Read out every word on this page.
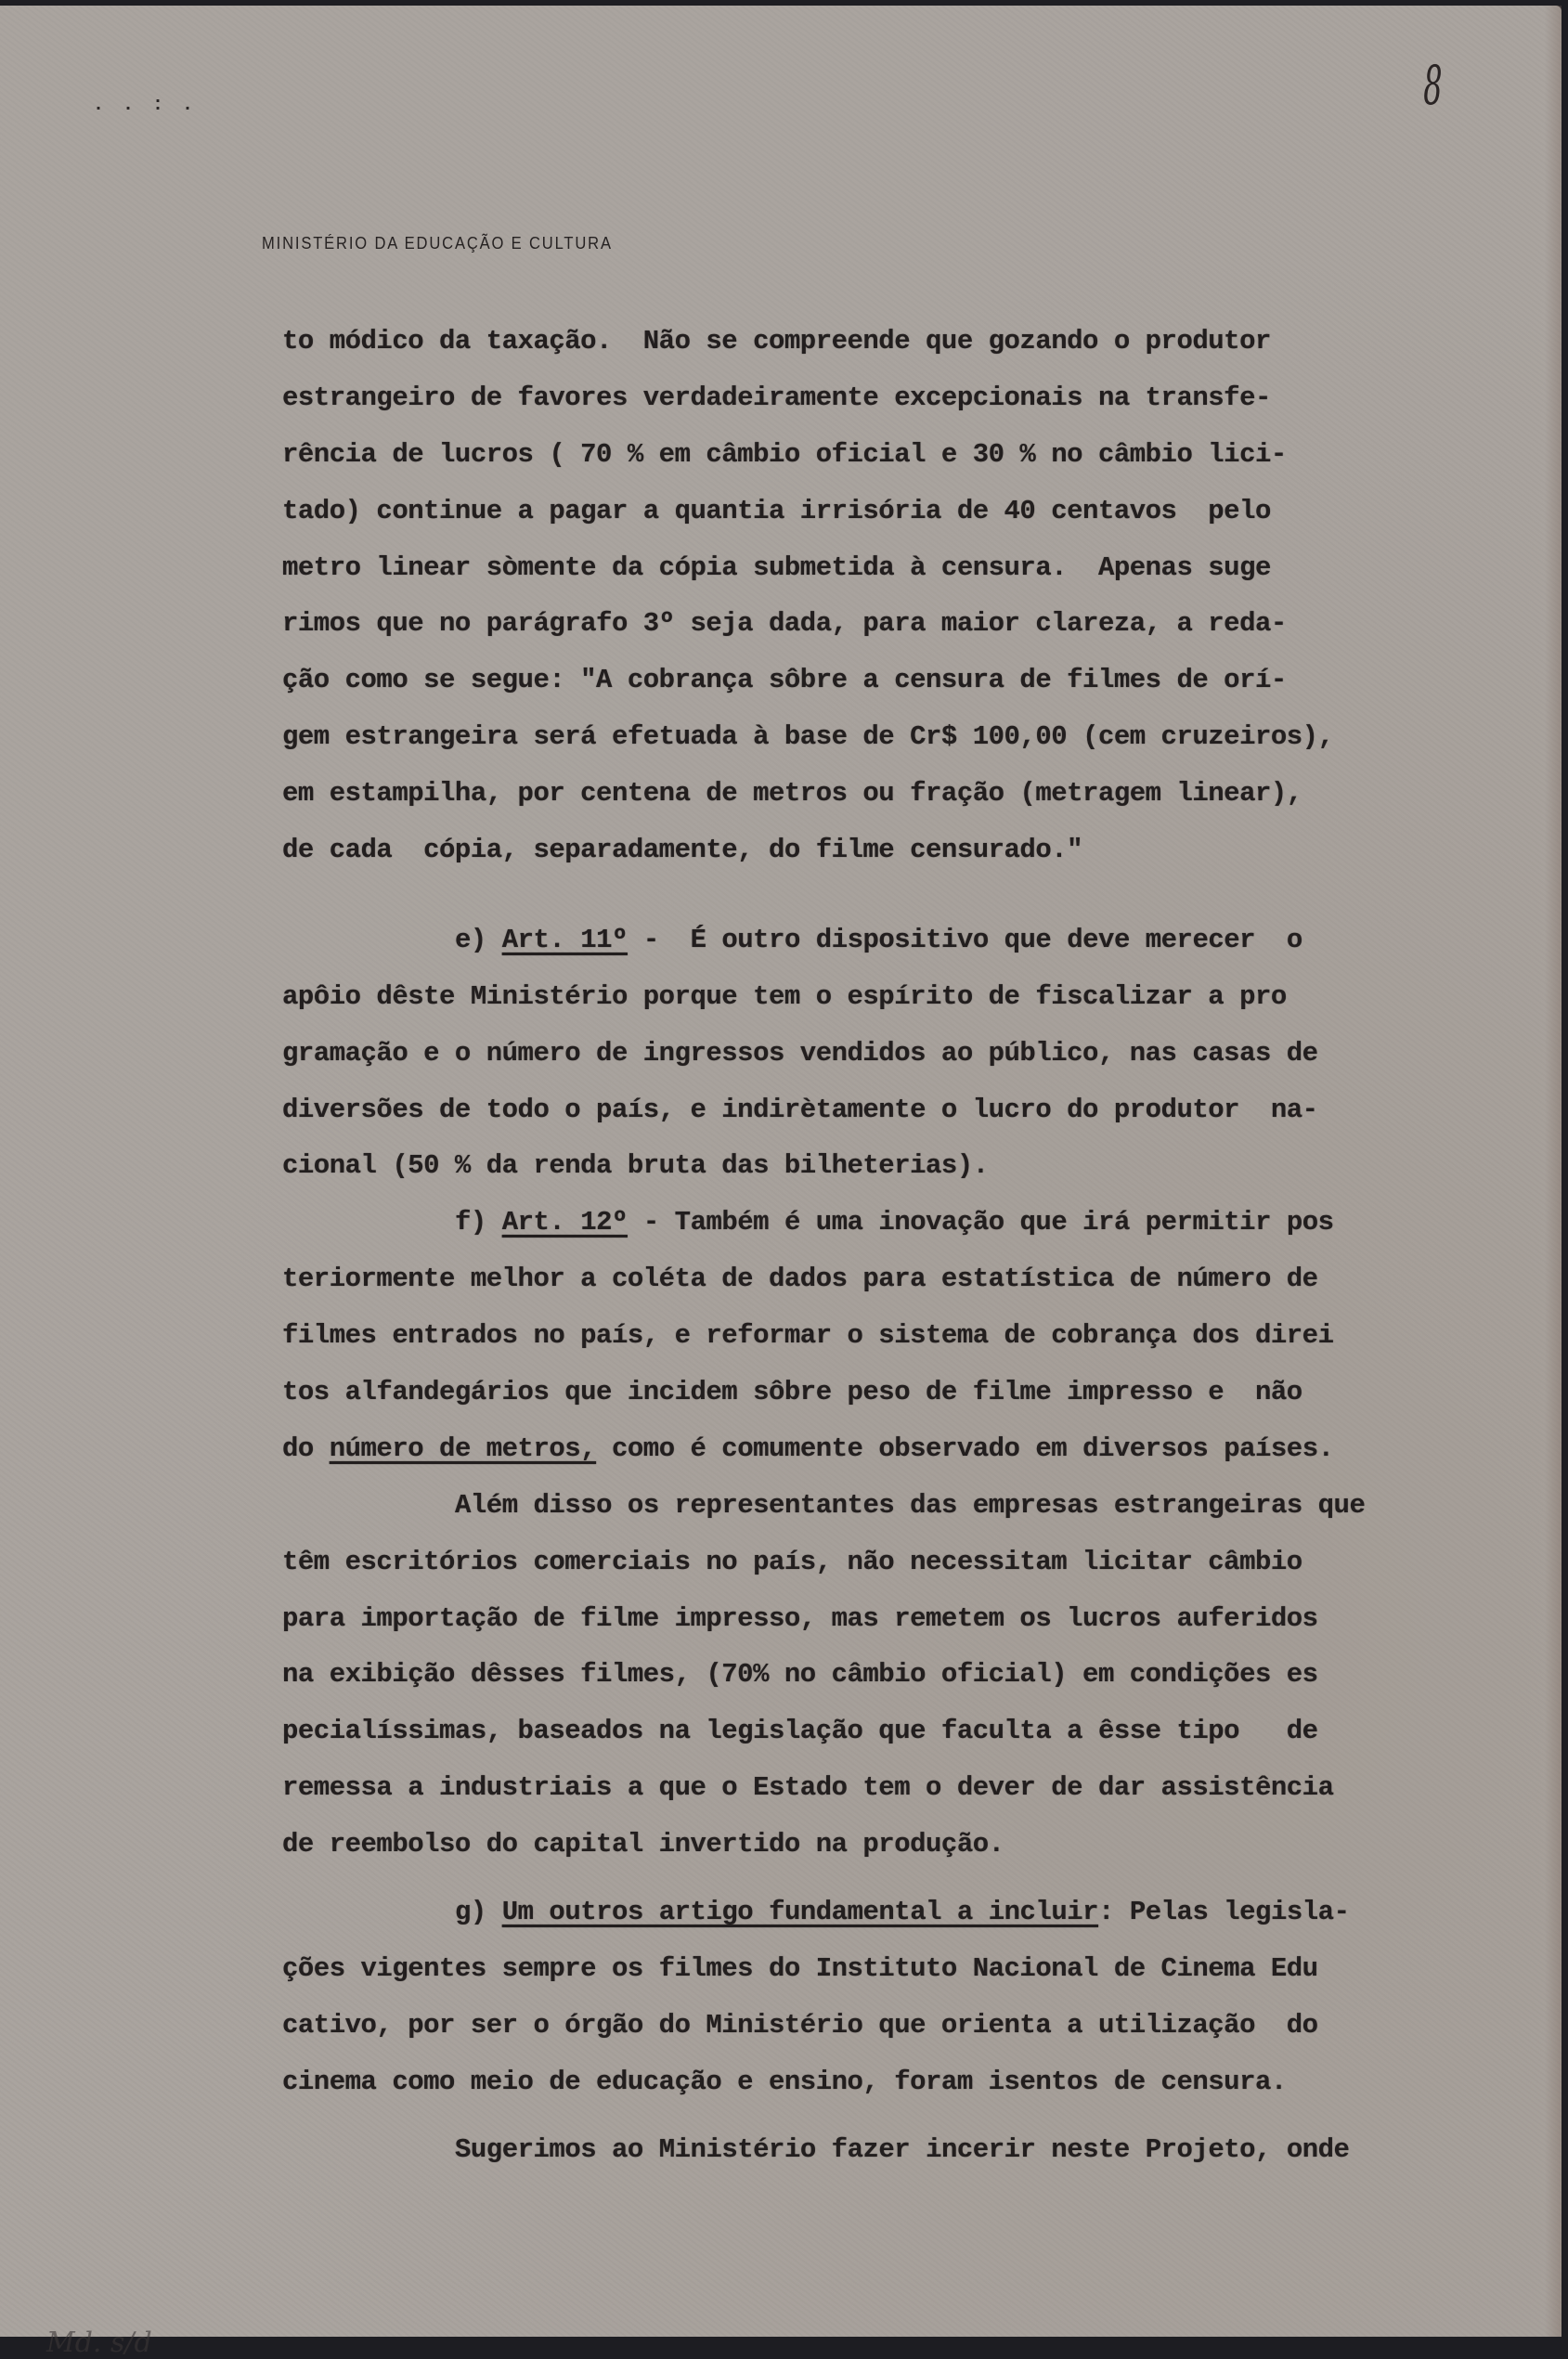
. . : .	8
MINISTÉRIO DA EDUCAÇÃO E CULTURA
to módico da taxação.  Não se compreende que gozando o produtor
estrangeiro de favores verdadeiramente excepcionais na transfe-
rência de lucros ( 70 % em câmbio oficial e 30 % no câmbio lici-
tado) continue a pagar a quantia irrisória de 40 centavos  pelo
metro linear sòmente da cópia submetida à censura.  Apenas suge
rimos que no parágrafo 3º seja dada, para maior clareza, a reda-
ção como se segue: "A cobrança sôbre a censura de filmes de orí-
gem estrangeira será efetuada à base de Cr$ 100,00 (cem cruzeiros),
em estampilha, por centena de metros ou fração (metragem linear),
de cada  cópia, separadamente, do filme censurado."
e) Art. 11º -  É outro dispositivo que deve merecer  o
apôio dêste Ministério porque tem o espírito de fiscalizar a pro
gramação e o número de ingressos vendidos ao público, nas casas de
diversões de todo o país, e indirètamente o lucro do produtor  na-
cional (50 % da renda bruta das bilheterias).
f) Art. 12º - Também é uma inovação que irá permitir pos
teriormente melhor a coléta de dados para estatística de número de
filmes entrados no país, e reformar o sistema de cobrança dos direi
tos alfandegários que incidem sôbre peso de filme impresso e  não
do número de metros, como é comumente observado em diversos países.
Além disso os representantes das empresas estrangeiras que
têm escritórios comerciais no país, não necessitam licitar câmbio
para importação de filme impresso, mas remetem os lucros auferidos
na exibição dêsses filmes, (70% no câmbio oficial) em condições es
pecialíssimas, baseados na legislação que faculta a êsse tipo   de
remessa a industriais a que o Estado tem o dever de dar assistência
de reembolso do capital invertido na produção.
g) Um outros artigo fundamental a incluir: Pelas legisla-
ções vigentes sempre os filmes do Instituto Nacional de Cinema Edu
cativo, por ser o órgão do Ministério que orienta a utilização  do
cinema como meio de educação e ensino, foram isentos de censura.
Sugerimos ao Ministério fazer incerir neste Projeto, onde
Md. s/d
